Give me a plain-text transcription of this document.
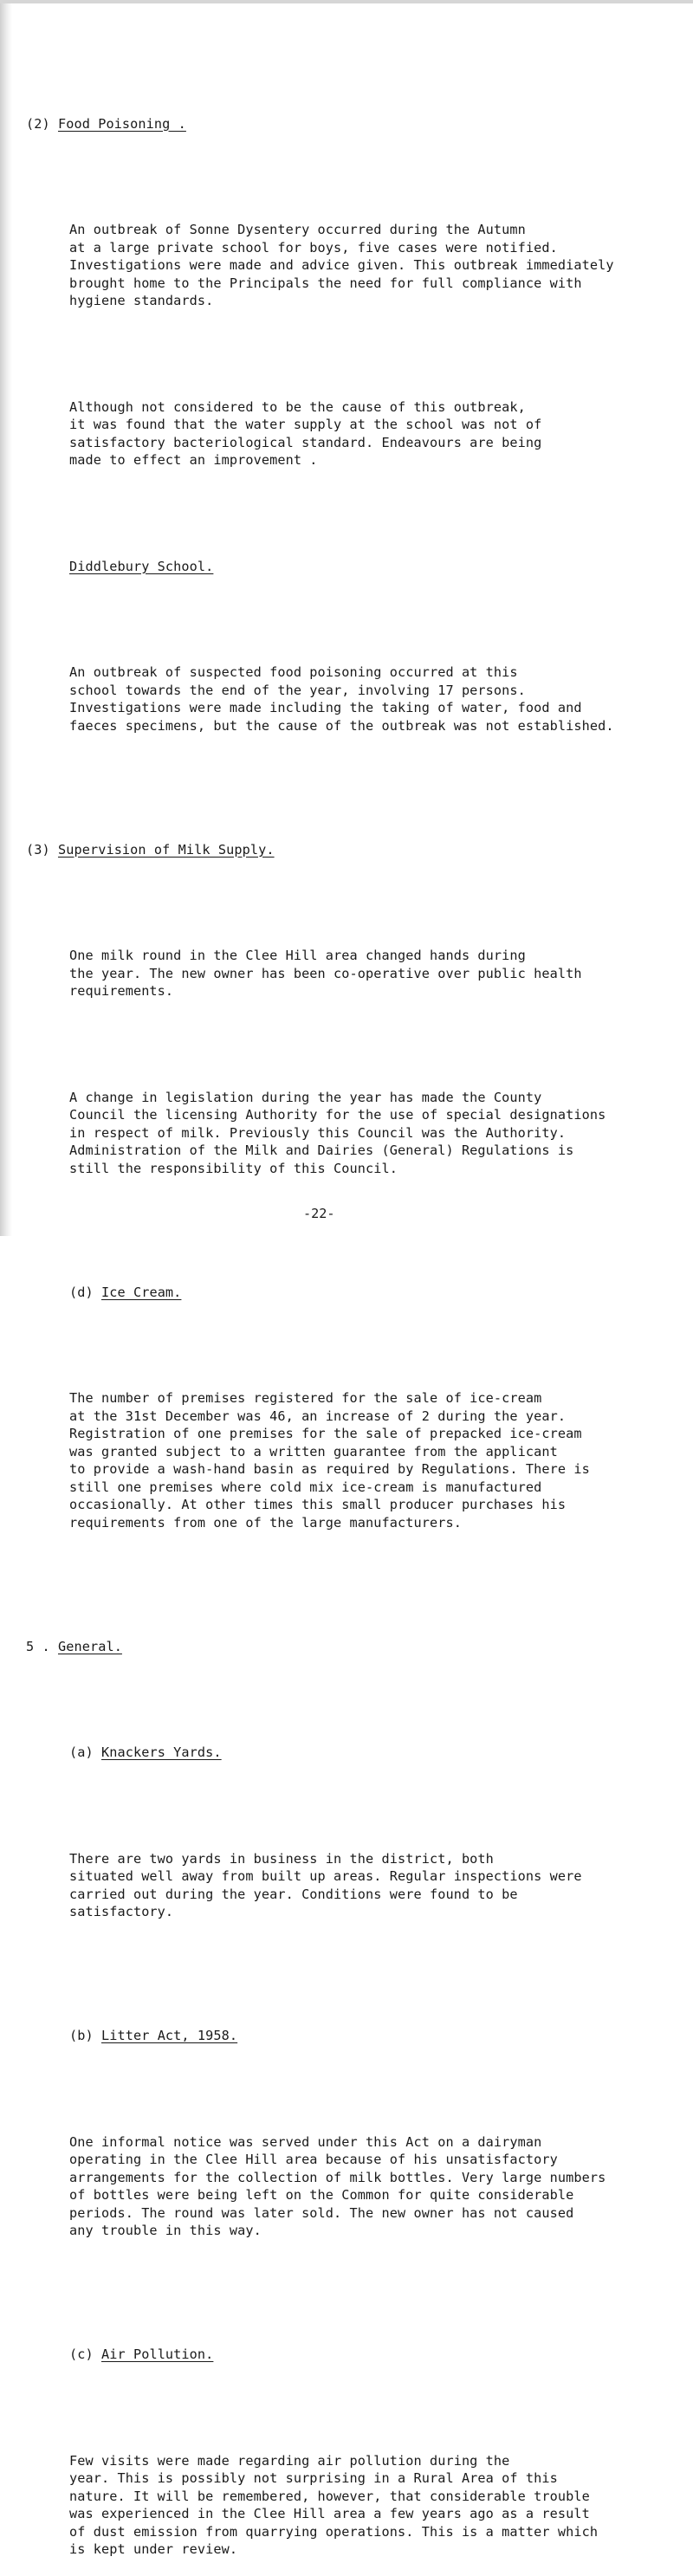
(2) Food Poisoning .

An outbreak of Sonne Dysentery occurred during the Autumn
at a large private school for boys, five cases were notified.
Investigations were made and advice given. This outbreak immediately
brought home to the Principals the need for full compliance with
hygiene standards.

Although not considered to be the cause of this outbreak,
it was found that the water supply at the school was not of
satisfactory bacteriological standard. Endeavours are being
made to effect an improvement .

Diddlebury School.

An outbreak of suspected food poisoning occurred at this
school towards the end of the year, involving 17 persons.
Investigations were made including the taking of water, food and
faeces specimens, but the cause of the outbreak was not established.

(3) Supervision of Milk Supply.

One milk round in the Clee Hill area changed hands during
the year. The new owner has been co-operative over public health
requirements.

A change in legislation during the year has made the County
Council the licensing Authority for the use of special designations
in respect of milk. Previously this Council was the Authority.
Administration of the Milk and Dairies (General) Regulations is
still the responsibility of this Council.

(d) Ice Cream.

The number of premises registered for the sale of ice-cream
at the 31st December was 46, an increase of 2 during the year.
Registration of one premises for the sale of prepacked ice-cream
was granted subject to a written guarantee from the applicant
to provide a wash-hand basin as required by Regulations. There is
still one premises where cold mix ice-cream is manufactured
occasionally. At other times this small producer purchases his
requirements from one of the large manufacturers.

5 . General.

(a) Knackers Yards.

There are two yards in business in the district, both
situated well away from built up areas. Regular inspections were
carried out during the year. Conditions were found to be
satisfactory.

(b) Litter Act, 1958.

One informal notice was served under this Act on a dairyman
operating in the Clee Hill area because of his unsatisfactory
arrangements for the collection of milk bottles. Very large numbers
of bottles were being left on the Common for quite considerable
periods. The round was later sold. The new owner has not caused
any trouble in this way.

(c) Air Pollution.

Few visits were made regarding air pollution during the
year. This is possibly not surprising in a Rural Area of this
nature. It will be remembered, however, that considerable trouble
was experienced in the Clee Hill area a few years ago as a result
of dust emission from quarrying operations. This is a matter which
is kept under review.

-22-
